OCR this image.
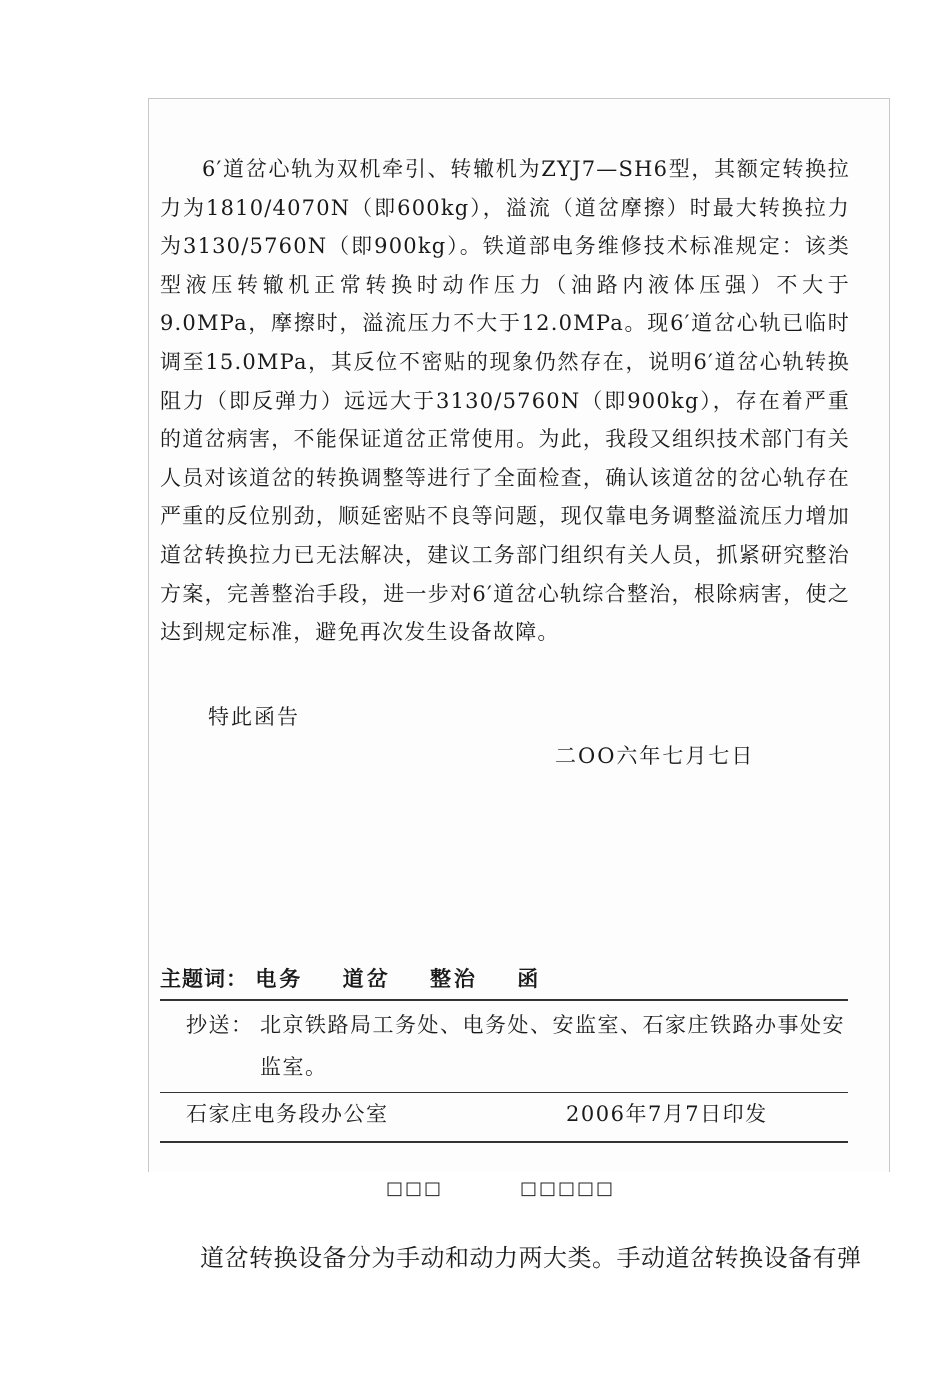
6′道岔心轨为双机牵引、转辙机为ZYJ7—SH6型，其额定转换拉力为1810/4070N（即600kg），溢流（道岔摩擦）时最大转换拉力为3130/5760N（即900kg）。铁道部电务维修技术标准规定：该类型液压转辙机正常转换时动作压力（油路内液体压强）不大于9.0MPa，摩擦时，溢流压力不大于12.0MPa。现6′道岔心轨已临时调至15.0MPa，其反位不密贴的现象仍然存在，说明6′道岔心轨转换阻力（即反弹力）远远大于3130/5760N（即900kg），存在着严重的道岔病害，不能保证道岔正常使用。为此，我段又组织技术部门有关人员对该道岔的转换调整等进行了全面检查，确认该道岔的岔心轨存在严重的反位别劲，顺延密贴不良等问题，现仅靠电务调整溢流压力增加道岔转换拉力已无法解决，建议工务部门组织有关人员，抓紧研究整治方案，完善整治手段，进一步对6′道岔心轨综合整治，根除病害，使之达到规定标准，避免再次发生设备故障。

特此函告
二OO六年七月七日
主题词： 电务 道岔 整治 函
抄送： 北京铁路局工务处、电务处、安监室、石家庄铁路办事处安监室。
石家庄电务段办公室	2006年7月7日印发
□□□	□□□□□
道岔转换设备分为手动和动力两大类。手动道岔转换设备有弹
